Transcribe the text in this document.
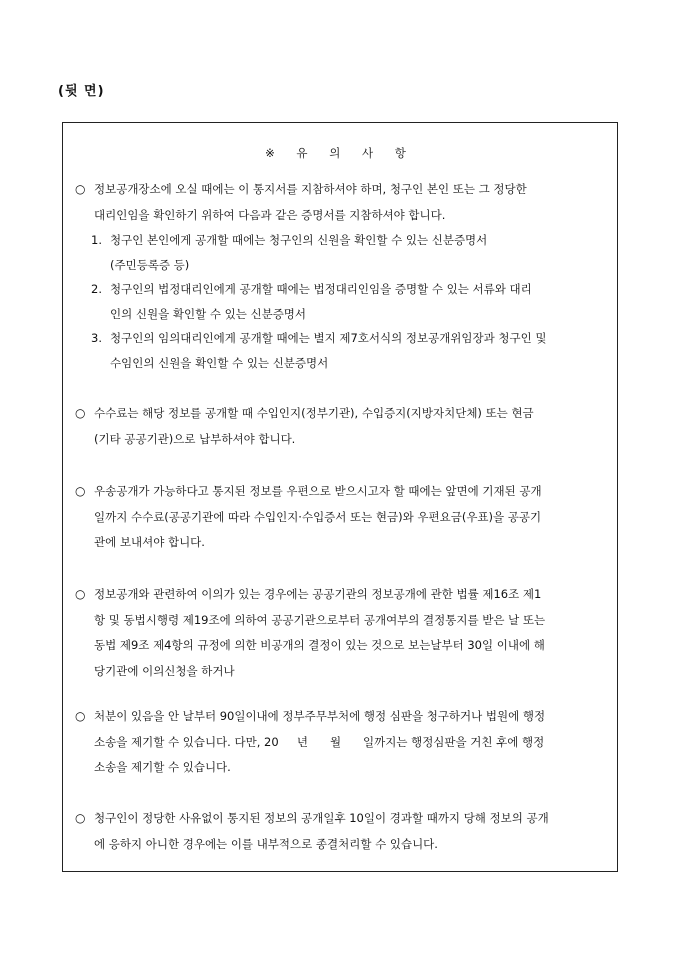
(뒷 면)
※ 유 의 사 항
○ 정보공개장소에 오실 때에는 이 통지서를 지참하셔야 하며, 청구인 본인 또는 그 정당한
대리인임을 확인하기 위하여 다음과 같은 증명서를 지참하셔야 합니다.
1. 청구인 본인에게 공개할 때에는 청구인의 신원을 확인할 수 있는 신분증명서
(주민등록증 등)
2. 청구인의 법정대리인에게 공개할 때에는 법정대리인임을 증명할 수 있는 서류와 대리
인의 신원을 확인할 수 있는 신분증명서
3. 청구인의 임의대리인에게 공개할 때에는 별지 제7호서식의 정보공개위임장과 청구인 및
수임인의 신원을 확인할 수 있는 신분증명서
○ 수수료는 해당 정보를 공개할 때 수입인지(정부기관), 수입증지(지방자치단체) 또는 현금
(기타 공공기관)으로 납부하셔야 합니다.
○ 우송공개가 가능하다고 통지된 정보를 우편으로 받으시고자 할 때에는 앞면에 기재된 공개
일까지 수수료(공공기관에 따라 수입인지·수입증서 또는 현금)와 우편요금(우표)을 공공기
관에 보내셔야 합니다.
○ 정보공개와 관련하여 이의가 있는 경우에는 공공기관의 정보공개에 관한 법률 제16조 제1
항 및 동법시행령 제19조에 의하여 공공기관으로부터 공개여부의 결정통지를 받은 날 또는
동법 제9조 제4항의 규정에 의한 비공개의 결정이 있는 것으로 보는날부터 30일 이내에 해
당기관에 이의신청을 하거나
○ 처분이 있음을 안 날부터 90일이내에 정부주무부처에 행정 심판을 청구하거나 법원에 행정
소송을 제기할 수 있습니다. 다만, 20     년      월      일까지는 행정심판을 거친 후에 행정
소송을 제기할 수 있습니다.
○ 청구인이 정당한 사유없이 통지된 정보의 공개일후 10일이 경과할 때까지 당해 정보의 공개
에 응하지 아니한 경우에는 이를 내부적으로 종결처리할 수 있습니다.
